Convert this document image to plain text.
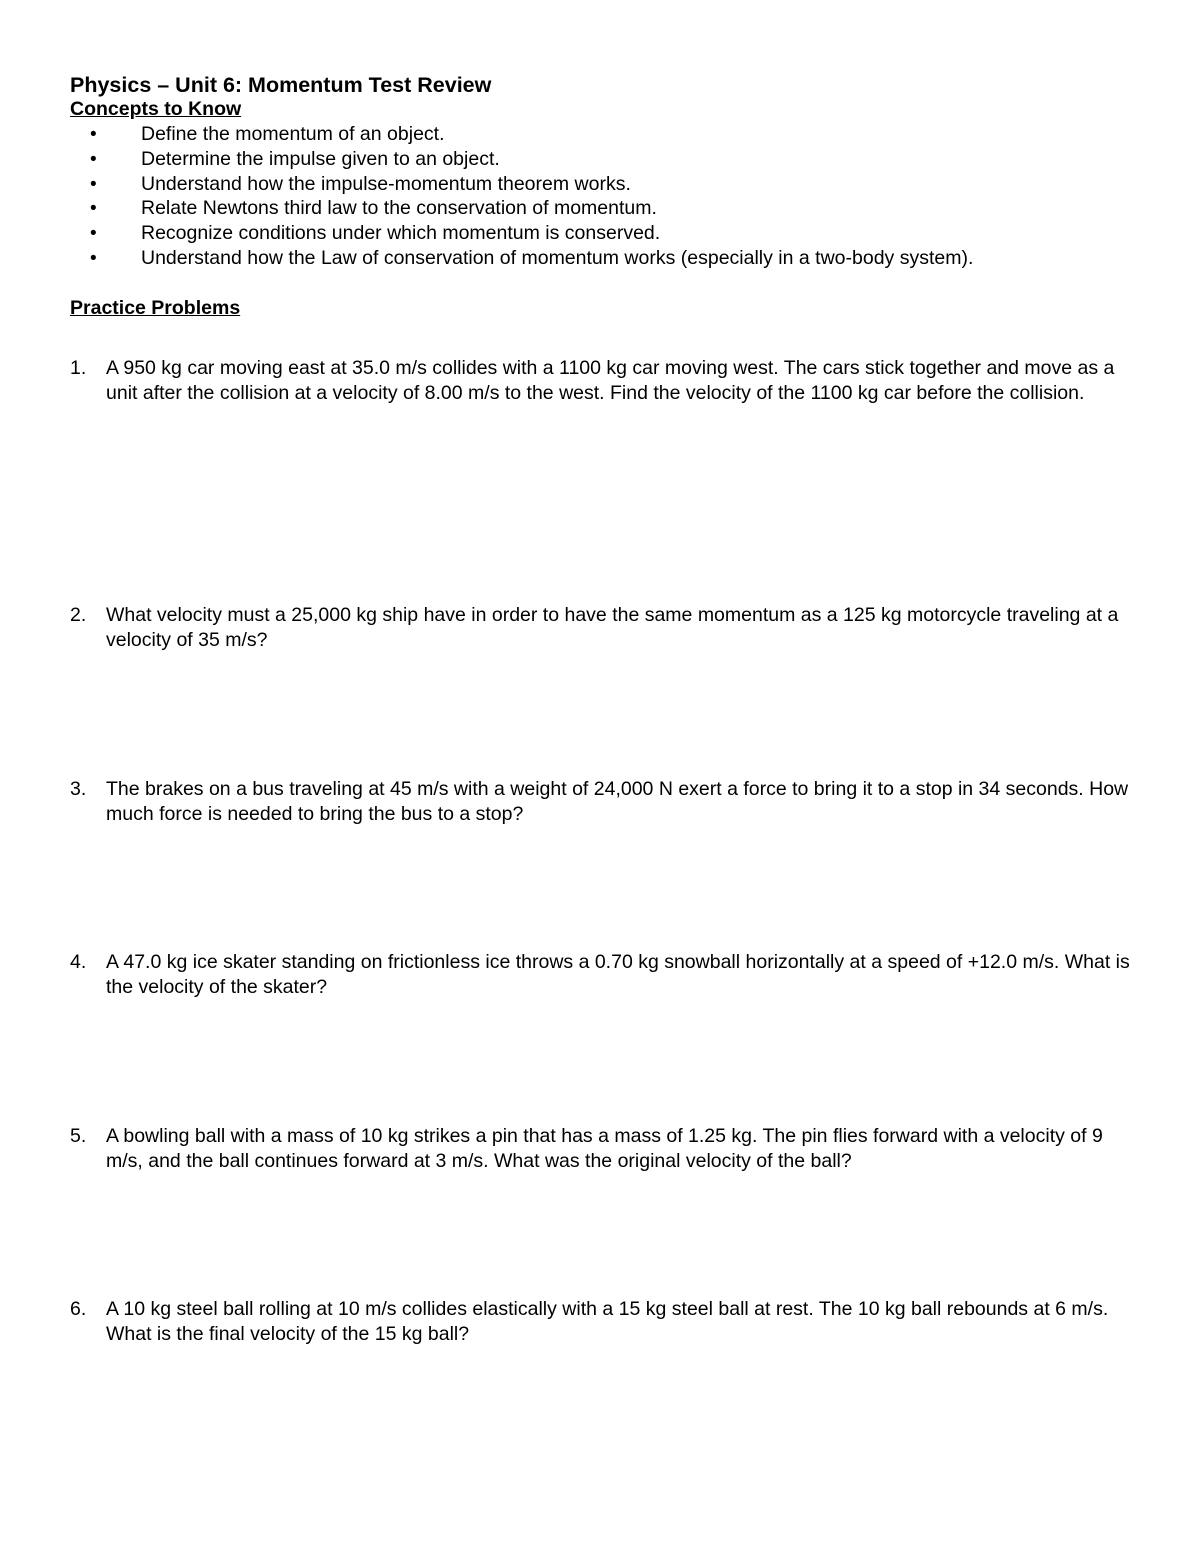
Physics – Unit 6: Momentum Test Review
Concepts to Know
• Define the momentum of an object.
• Determine the impulse given to an object.
• Understand how the impulse-momentum theorem works.
• Relate Newtons third law to the conservation of momentum.
• Recognize conditions under which momentum is conserved.
• Understand how the Law of conservation of momentum works (especially in a two-body system).
Practice Problems
1.	A 950 kg car moving east at 35.0 m/s collides with a 1100 kg car moving west. The cars stick together and move as a unit after the collision at a velocity of 8.00 m/s to the west. Find the velocity of the 1100 kg car before the collision.
2.	What velocity must a 25,000 kg ship have in order to have the same momentum as a 125 kg motorcycle traveling at a velocity of 35 m/s?
3.	The brakes on a bus traveling at 45 m/s with a weight of 24,000 N exert a force to bring it to a stop in 34 seconds. How much force is needed to bring the bus to a stop?
4.	A 47.0 kg ice skater standing on frictionless ice throws a 0.70 kg snowball horizontally at a speed of +12.0 m/s. What is the velocity of the skater?
5.	A bowling ball with a mass of 10 kg strikes a pin that has a mass of 1.25 kg. The pin flies forward with a velocity of 9 m/s, and the ball continues forward at 3 m/s. What was the original velocity of the ball?
6.	A 10 kg steel ball rolling at 10 m/s collides elastically with a 15 kg steel ball at rest. The 10 kg ball rebounds at 6 m/s. What is the final velocity of the 15 kg ball?
